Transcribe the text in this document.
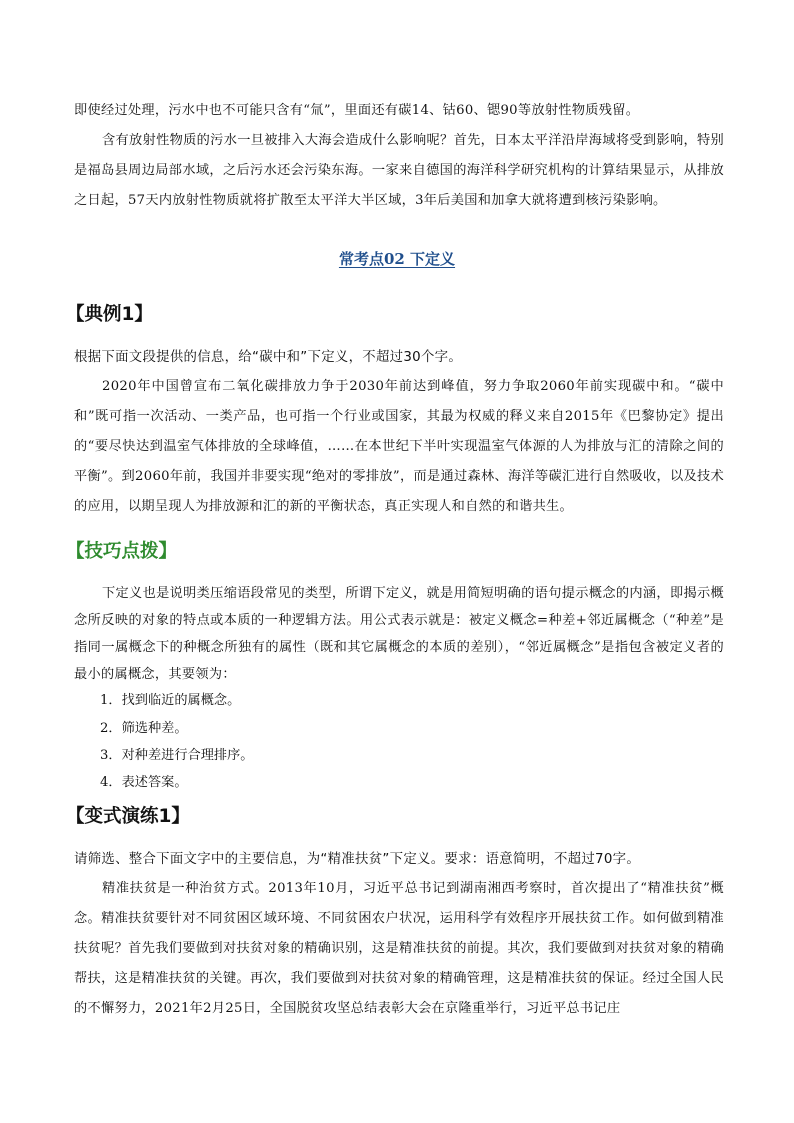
即使经过处理，污水中也不可能只含有“氚”，里面还有碳14、钴60、锶90等放射性物质残留。

含有放射性物质的污水一旦被排入大海会造成什么影响呢？首先，日本太平洋沿岸海域将受到影响，特别是福岛县周边局部水域，之后污水还会污染东海。一家来自德国的海洋科学研究机构的计算结果显示，从排放之日起，57天内放射性物质就将扩散至太平洋大半区域，3年后美国和加拿大就将遭到核污染影响。

常考点02 下定义

【典例1】

根据下面文段提供的信息，给“碳中和”下定义，不超过30个字。

2020年中国曾宣布二氧化碳排放力争于2030年前达到峰值，努力争取2060年前实现碳中和。“碳中和”既可指一次活动、一类产品，也可指一个行业或国家，其最为权威的释义来自2015年《巴黎协定》提出的“要尽快达到温室气体排放的全球峰值，……在本世纪下半叶实现温室气体源的人为排放与汇的清除之间的平衡”。到2060年前，我国并非要实现“绝对的零排放”，而是通过森林、海洋等碳汇进行自然吸收，以及技术的应用，以期呈现人为排放源和汇的新的平衡状态，真正实现人和自然的和谐共生。

【技巧点拨】

下定义也是说明类压缩语段常见的类型，所谓下定义，就是用简短明确的语句提示概念的内涵，即揭示概念所反映的对象的特点或本质的一种逻辑方法。用公式表示就是：被定义概念=种差+邻近属概念（“种差”是指同一属概念下的种概念所独有的属性（既和其它属概念的本质的差别），“邻近属概念”是指包含被定义者的最小的属概念，其要领为：

1．找到临近的属概念。

2．筛选种差。

3．对种差进行合理排序。

4．表述答案。

【变式演练1】

请筛选、整合下面文字中的主要信息，为“精准扶贫”下定义。要求：语意简明，不超过70字。

精准扶贫是一种治贫方式。2013年10月，习近平总书记到湖南湘西考察时，首次提出了“精准扶贫”概念。精准扶贫要针对不同贫困区域环境、不同贫困农户状况，运用科学有效程序开展扶贫工作。如何做到精准扶贫呢？首先我们要做到对扶贫对象的精确识别，这是精准扶贫的前提。其次，我们要做到对扶贫对象的精确帮扶，这是精准扶贫的关键。再次，我们要做到对扶贫对象的精确管理，这是精准扶贫的保证。经过全国人民的不懈努力，2021年2月25日，全国脱贫攻坚总结表彰大会在京隆重举行，习近平总书记庄
